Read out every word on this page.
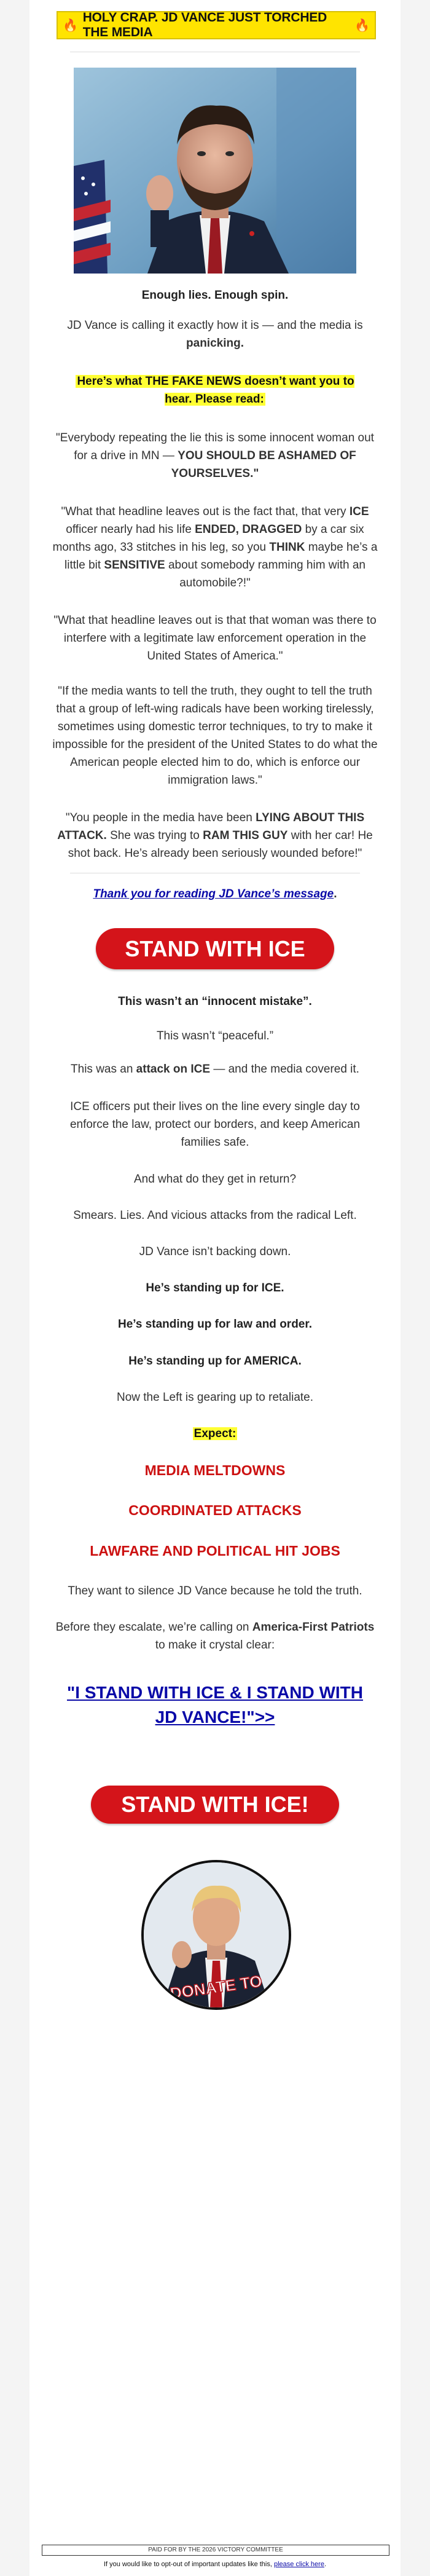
🔥
HOLY CRAP. JD VANCE JUST TORCHED THE MEDIA	🔥
Enough lies. Enough spin.
JD Vance is calling it exactly how it is — and the media is
panicking.
Here’s what THE FAKE NEWS doesn’t want you to hear. Please read:
"Everybody repeating the lie this is some innocent woman out for a drive in MN — YOU SHOULD BE ASHAMED OF YOURSELVES."
"What that headline leaves out is the fact that, that very ICE officer nearly had his life ENDED, DRAGGED by a car six months ago, 33 stitches in his leg, so you THINK maybe he’s a little bit SENSITIVE about somebody ramming him with an automobile?!"
"What that headline leaves out is that that woman was there to interfere with a legitimate law enforcement operation in the United States of America."
"If the media wants to tell the truth, they ought to tell the truth that a group of left-wing radicals have been working tirelessly, sometimes using domestic terror techniques, to try to make it impossible for the president of the United States to do what the American people elected him to do, which is enforce our immigration laws."
"You people in the media have been LYING ABOUT THIS ATTACK. She was trying to RAM THIS GUY with her car! He shot back. He’s already been seriously wounded before!"
Thank you for reading JD Vance’s message.
STAND WITH ICE
This wasn’t an “innocent mistake”.
This wasn’t “peaceful.”
This was an attack on ICE — and the media covered it.
ICE officers put their lives on the line every single day to enforce the law, protect our borders, and keep American families safe.
And what do they get in return?
Smears. Lies. And vicious attacks from the radical Left.
JD Vance isn’t backing down.
He’s standing up for ICE.
He’s standing up for law and order.
He’s standing up for AMERICA.
Now the Left is gearing up to retaliate.
Expect:
MEDIA MELTDOWNS
COORDINATED ATTACKS
LAWFARE AND POLITICAL HIT JOBS
They want to silence JD Vance because he told the truth.
Before they escalate, we’re calling on America-First Patriots
to make it crystal clear:
"I STAND WITH ICE & I STAND WITH JD VANCE!">>
STAND WITH ICE!
DONATE TO
PAID FOR BY THE 2026 VICTORY COMMITTEE
If you would like to opt-out of important updates like this, please click here.
